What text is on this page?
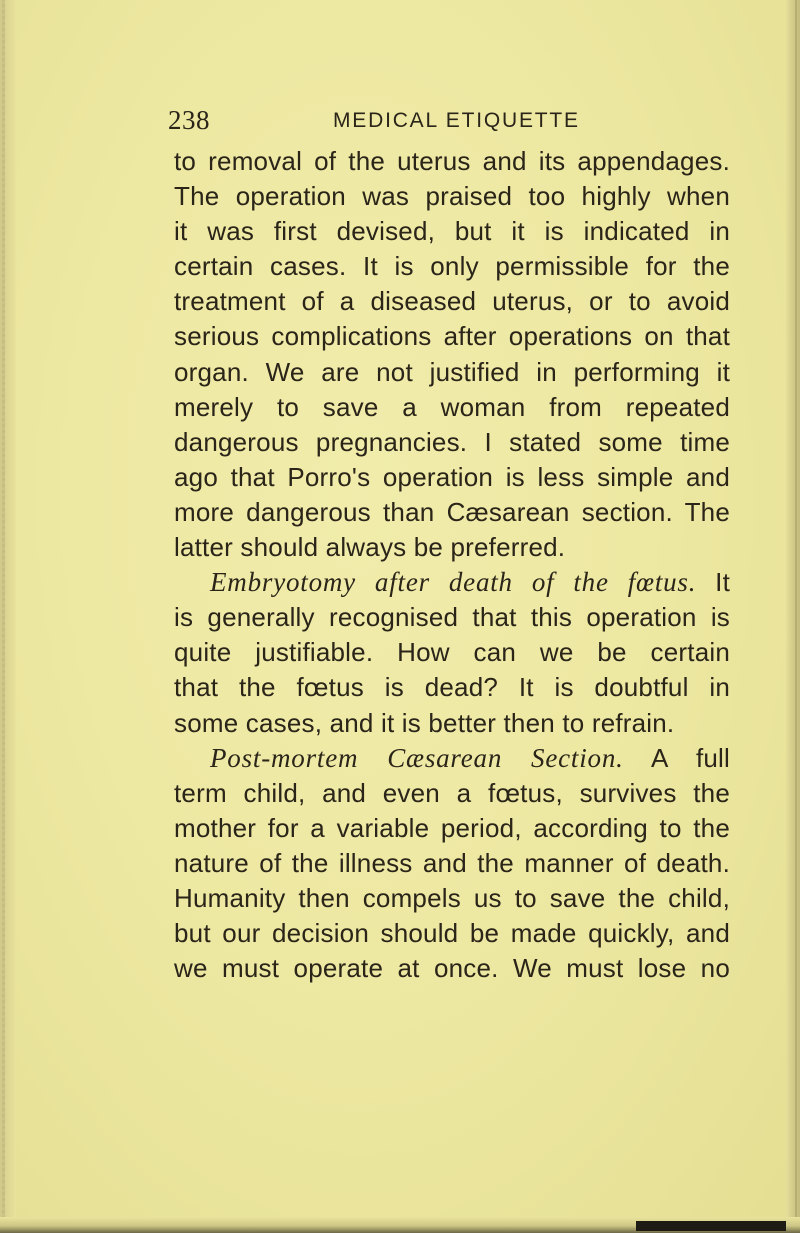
238	MEDICAL ETIQUETTE
to removal of the uterus and its appendages.
The operation was praised too highly when
it was first devised, but it is indicated in
certain cases. It is only permissible for the
treatment of a diseased uterus, or to avoid
serious complications after operations on that
organ. We are not justified in performing it
merely to save a woman from repeated
dangerous pregnancies. I stated some time
ago that Porro's operation is less simple and
more dangerous than Cæsarean section. The
latter should always be preferred.
Embryotomy after death of the fœtus. It
is generally recognised that this operation is
quite justifiable. How can we be certain
that the fœtus is dead? It is doubtful in
some cases, and it is better then to refrain.
Post-mortem Cæsarean Section. A full
term child, and even a fœtus, survives the
mother for a variable period, according to the
nature of the illness and the manner of death.
Humanity then compels us to save the child,
but our decision should be made quickly, and
we must operate at once. We must lose no
